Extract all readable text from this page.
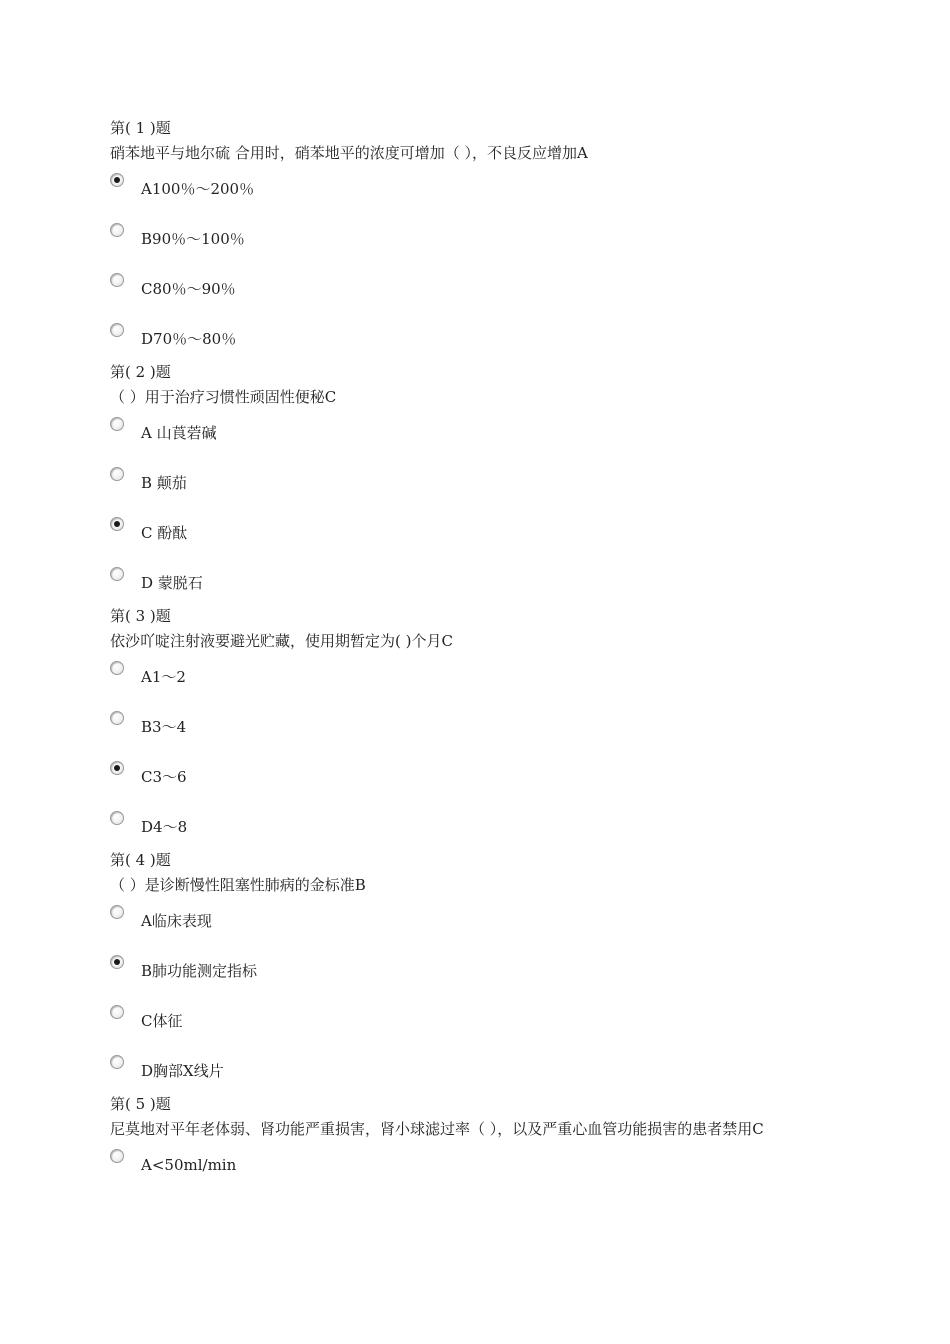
第( 1 )题
硝苯地平与地尔硫 合用时，硝苯地平的浓度可增加（ ），不良反应增加A
A100％～200％
B90％～100％
C80％～90％
D70％～80％
第( 2 )题
（ ）用于治疗习惯性顽固性便秘C
A 山莨菪碱
B 颠茄
C 酚酞
D 蒙脱石
第( 3 )题
依沙吖啶注射液要避光贮藏，使用期暂定为( )个月C
A1～2
B3～4
C3～6
D4～8
第( 4 )题
（ ）是诊断慢性阻塞性肺病的金标准B
A临床表现
B肺功能测定指标
C体征
D胸部X线片
第( 5 )题
尼莫地对平年老体弱、肾功能严重损害，肾小球滤过率（ ），以及严重心血管功能损害的患者禁用C
A<50ml/min
